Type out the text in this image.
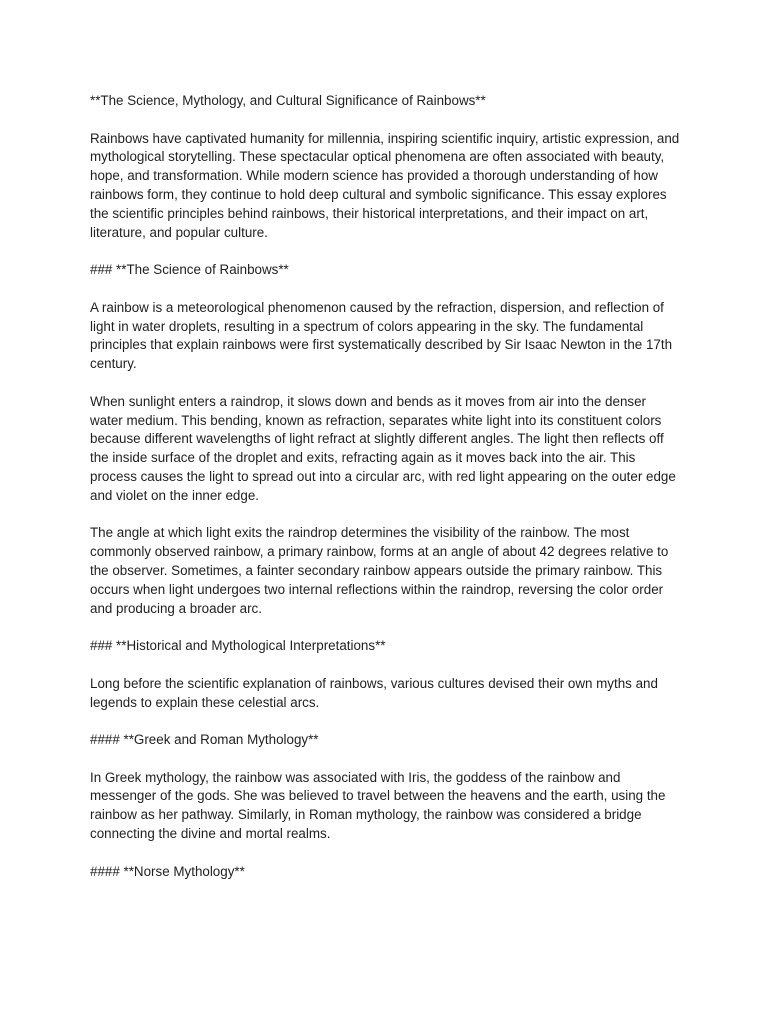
**The Science, Mythology, and Cultural Significance of Rainbows**

Rainbows have captivated humanity for millennia, inspiring scientific inquiry, artistic expression, and mythological storytelling. These spectacular optical phenomena are often associated with beauty, hope, and transformation. While modern science has provided a thorough understanding of how rainbows form, they continue to hold deep cultural and symbolic significance. This essay explores the scientific principles behind rainbows, their historical interpretations, and their impact on art, literature, and popular culture.

### **The Science of Rainbows**

A rainbow is a meteorological phenomenon caused by the refraction, dispersion, and reflection of light in water droplets, resulting in a spectrum of colors appearing in the sky. The fundamental principles that explain rainbows were first systematically described by Sir Isaac Newton in the 17th century.

When sunlight enters a raindrop, it slows down and bends as it moves from air into the denser water medium. This bending, known as refraction, separates white light into its constituent colors because different wavelengths of light refract at slightly different angles. The light then reflects off the inside surface of the droplet and exits, refracting again as it moves back into the air. This process causes the light to spread out into a circular arc, with red light appearing on the outer edge and violet on the inner edge.

The angle at which light exits the raindrop determines the visibility of the rainbow. The most commonly observed rainbow, a primary rainbow, forms at an angle of about 42 degrees relative to the observer. Sometimes, a fainter secondary rainbow appears outside the primary rainbow. This occurs when light undergoes two internal reflections within the raindrop, reversing the color order and producing a broader arc.

### **Historical and Mythological Interpretations**

Long before the scientific explanation of rainbows, various cultures devised their own myths and legends to explain these celestial arcs.

#### **Greek and Roman Mythology**

In Greek mythology, the rainbow was associated with Iris, the goddess of the rainbow and messenger of the gods. She was believed to travel between the heavens and the earth, using the rainbow as her pathway. Similarly, in Roman mythology, the rainbow was considered a bridge connecting the divine and mortal realms.

#### **Norse Mythology**
